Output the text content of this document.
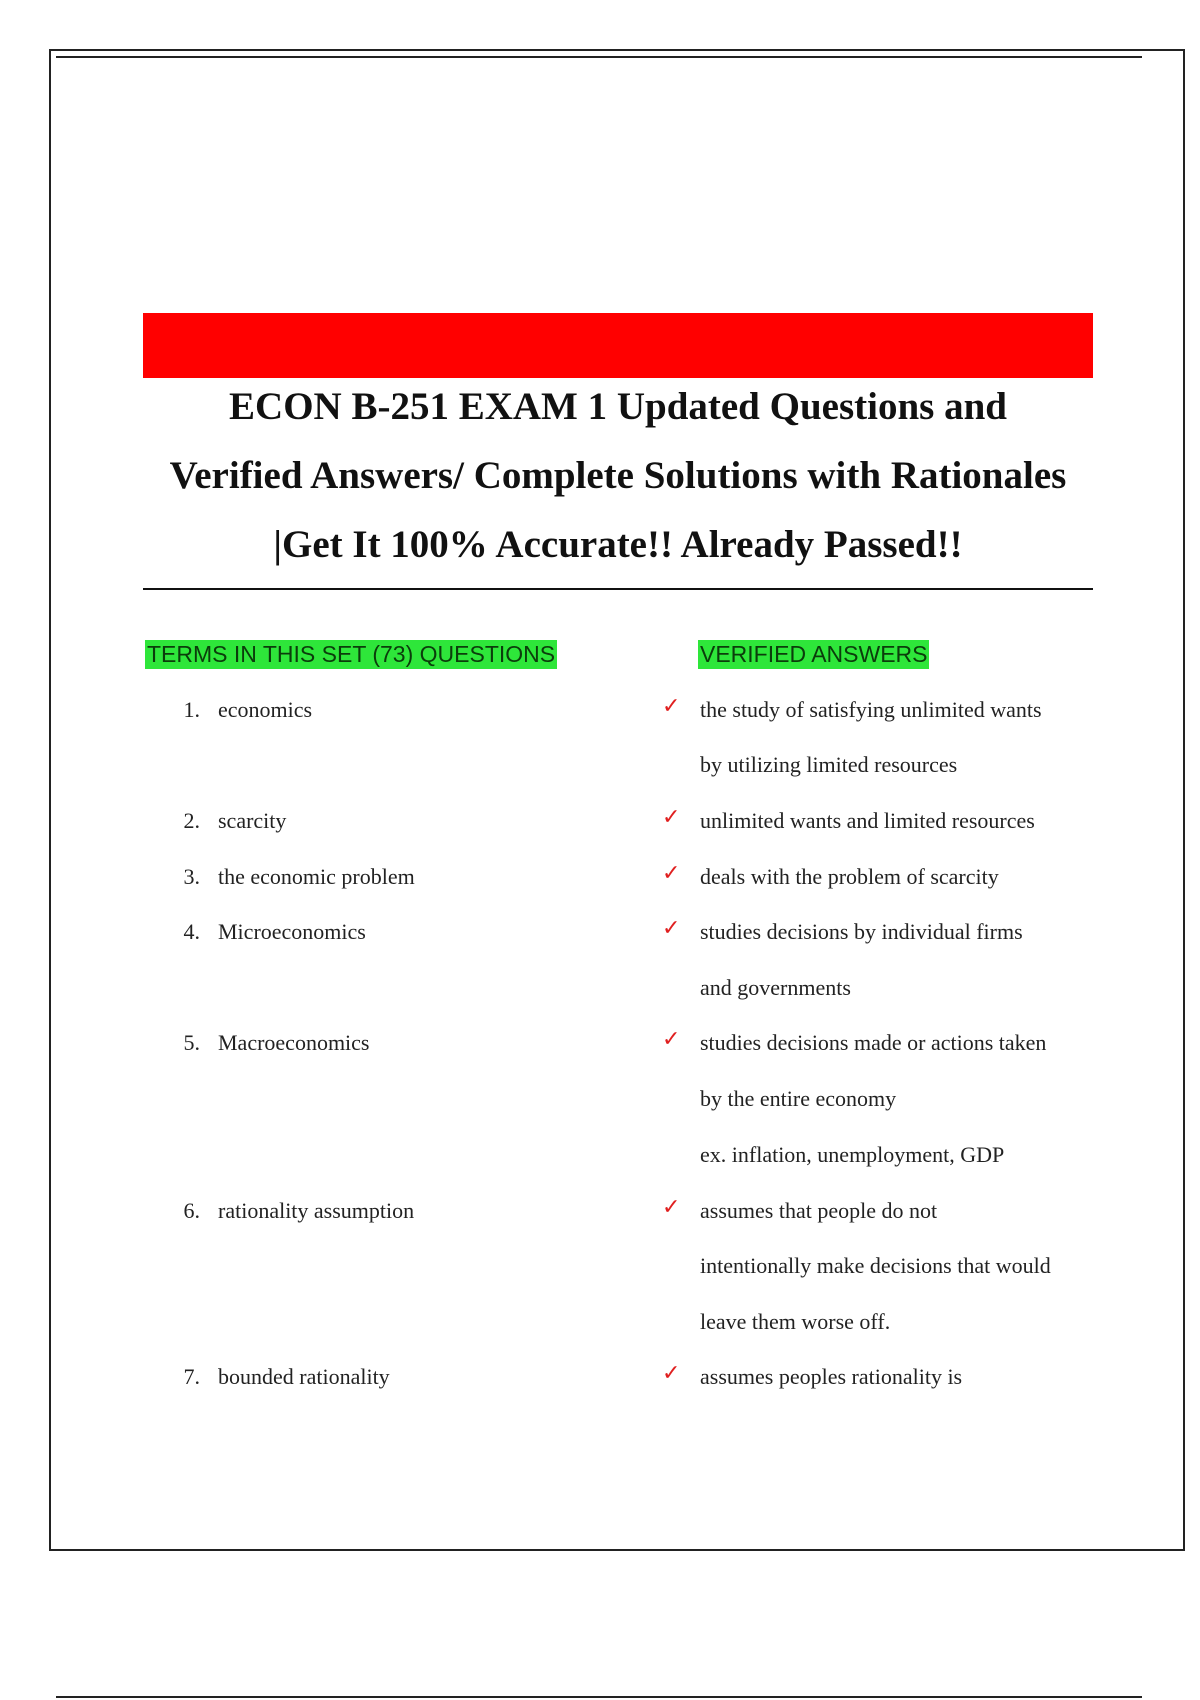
ECON B-251 EXAM 1 Updated Questions and
Verified Answers/ Complete Solutions with Rationales
|Get It 100% Accurate!! Already Passed!!
TERMS IN THIS SET (73) QUESTIONS	VERIFIED ANSWERS
1. economics	✓ the study of satisfying unlimited wants
by utilizing limited resources
2. scarcity	✓ unlimited wants and limited resources
3. the economic problem	✓ deals with the problem of scarcity
4. Microeconomics	✓ studies decisions by individual firms
and governments
5. Macroeconomics	✓ studies decisions made or actions taken
by the entire economy
ex. inflation, unemployment, GDP
6. rationality assumption	✓ assumes that people do not
intentionally make decisions that would
leave them worse off.
7. bounded rationality	✓ assumes peoples rationality is
